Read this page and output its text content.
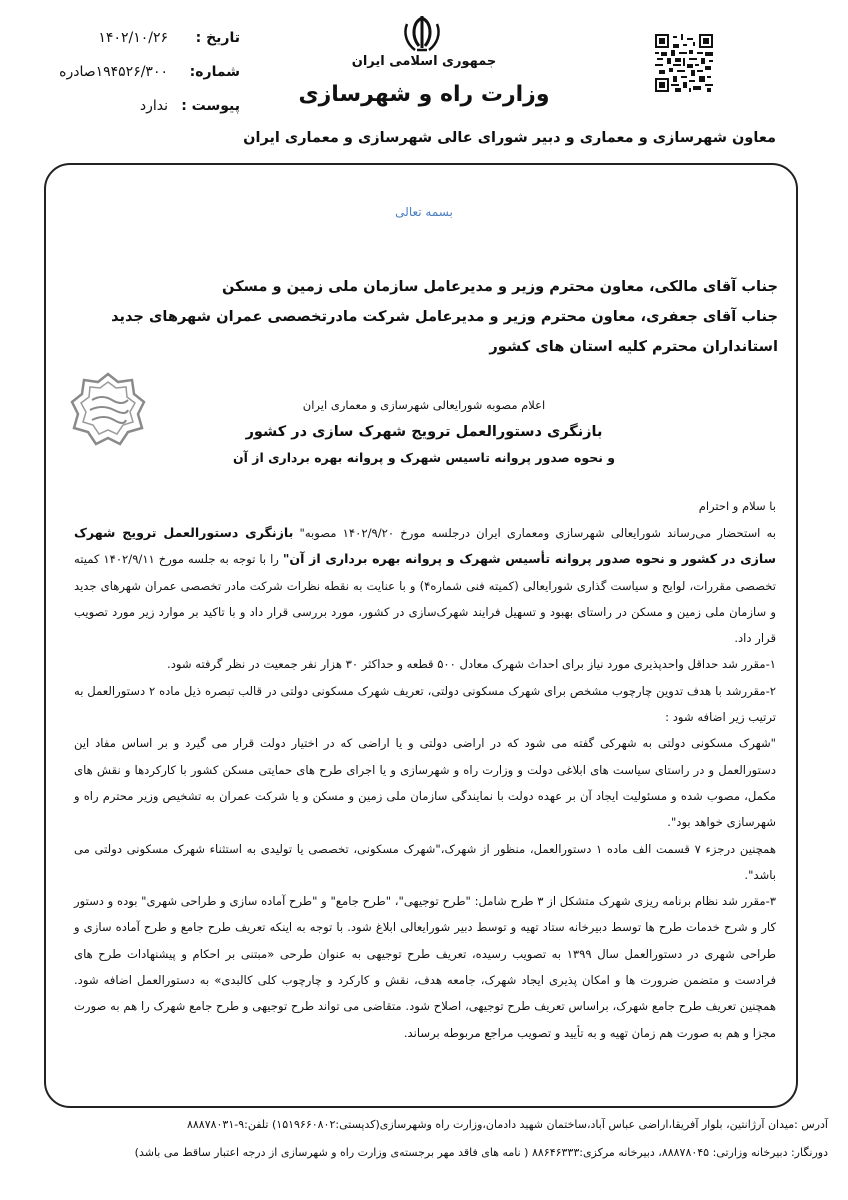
تاریخ :
۱۴۰۲/۱۰/۲۶
شماره:
۱۹۴۵۲۶/۳۰۰صادره
پیوست :
ندارد
جمهوری اسلامی ایران
وزارت راه و شهرسازی
معاون شهرسازی و معماری و دبیر شورای عالی شهرسازی و معماری ایران
بسمه تعالی
جناب آقای مالکی، معاون محترم وزیر و مدیرعامل سازمان ملی زمین و مسکن
جناب آقای جعفری، معاون محترم وزیر و مدیرعامل شرکت مادرتخصصی عمران شهرهای جدید
استانداران محترم کلیه استان های کشور
اعلام مصوبه شورایعالی شهرسازی و معماری ایران
بازنگری دستورالعمل ترویج شهرک سازی در کشور
و نحوه صدور پروانه تاسیس شهرک و پروانه بهره برداری از آن
با سلام و احترام

به استحضار می‌رساند شورایعالی شهرسازی ومعماری ایران درجلسه مورخ ۱۴۰۲/۹/۲۰ مصوبه" بازنگری دستورالعمل ترویج شهرک سازی در کشور و نحوه صدور پروانه تأسیس شهرک و پروانه بهره برداری از آن" را با توجه به جلسه مورخ ۱۴۰۲/۹/۱۱ کمیته تخصصی مقررات، لوایح و سیاست گذاری شورایعالی (کمیته فنی شماره۴) و با عنایت به نقطه نظرات شرکت مادر تخصصی عمران شهرهای جدید و سازمان ملی زمین و مسکن در راستای بهبود و تسهیل فرایند شهرک‌سازی در کشور، مورد بررسی قرار داد و با تاکید بر موارد زیر مورد تصویب قرار داد.

۱-مقرر شد حداقل واحدپذیری مورد نیاز برای احداث شهرک معادل ۵۰۰ قطعه و حداکثر ۳۰ هزار نفر جمعیت در نظر گرفته شود.

۲-مقررشد با هدف تدوین چارچوب مشخص برای شهرک مسکونی دولتی، تعریف شهرک مسکونی دولتی در قالب تبصره ذیل ماده ۲ دستورالعمل به ترتیب زیر اضافه شود :

"شهرک مسکونی دولتی به شهرکی گفته می شود که در اراضی دولتی و یا اراضی که در اختیار دولت قرار می گیرد و بر اساس مفاد این دستورالعمل و در راستای سیاست های ابلاغی دولت و وزارت راه و شهرسازی و یا اجرای طرح های حمایتی مسکن کشور با کارکردها و نقش های مکمل، مصوب شده و مسئولیت ایجاد آن بر عهده دولت با نمایندگی سازمان ملی زمین و مسکن و یا شرکت عمران به تشخیص وزیر محترم راه و شهرسازی خواهد بود".

همچنین درجزء ۷ قسمت الف ماده ۱ دستورالعمل، منظور از شهرک،"شهرک مسکونی، تخصصی یا تولیدی به استثناء شهرک مسکونی دولتی می باشد".

۳-مقرر شد نظام برنامه ریزی شهرک متشکل از ۳ طرح شامل: "طرح توجیهی"، "طرح جامع" و "طرح آماده سازی و طراحی شهری" بوده و دستور کار و شرح خدمات طرح ها توسط دبیرخانه ستاد تهیه و توسط دبیر شورایعالی ابلاغ شود. با توجه به اینکه تعریف طرح جامع و طرح آماده سازی و طراحی شهری در دستورالعمل سال ۱۳۹۹ به تصویب رسیده، تعریف طرح توجیهی به عنوان طرحی «مبتنی بر احکام و پیشنهادات طرح های فرادست و متضمن ضرورت ها و امکان پذیری ایجاد شهرک، جامعه هدف، نقش و کارکرد و چارچوب کلی کالبدی» به دستورالعمل اضافه شود. همچنین تعریف طرح جامع شهرک، براساس تعریف طرح توجیهی، اصلاح شود. متقاضی می تواند طرح توجیهی و طرح جامع شهرک را هم به صورت مجزا و هم به صورت هم زمان تهیه و به تأیید و تصویب مراجع مربوطه برساند.

آدرس :میدان آرژانتین، بلوار آفریقا،اراضی عباس آباد،ساختمان شهید دادمان،وزارت راه وشهرسازی(کدپستی:۱۵۱۹۶۶۰۸۰۲) تلفن:۹-۸۸۸۷۸۰۳۱
دورنگار: دبیرخانه وزارتی: ۸۸۸۷۸۰۴۵، دبیرخانه مرکزی:۸۸۶۴۶۳۳۳ ( نامه های فاقد مهر برجسته‌ی وزارت راه و شهرسازی از درجه اعتبار ساقط می باشد)
